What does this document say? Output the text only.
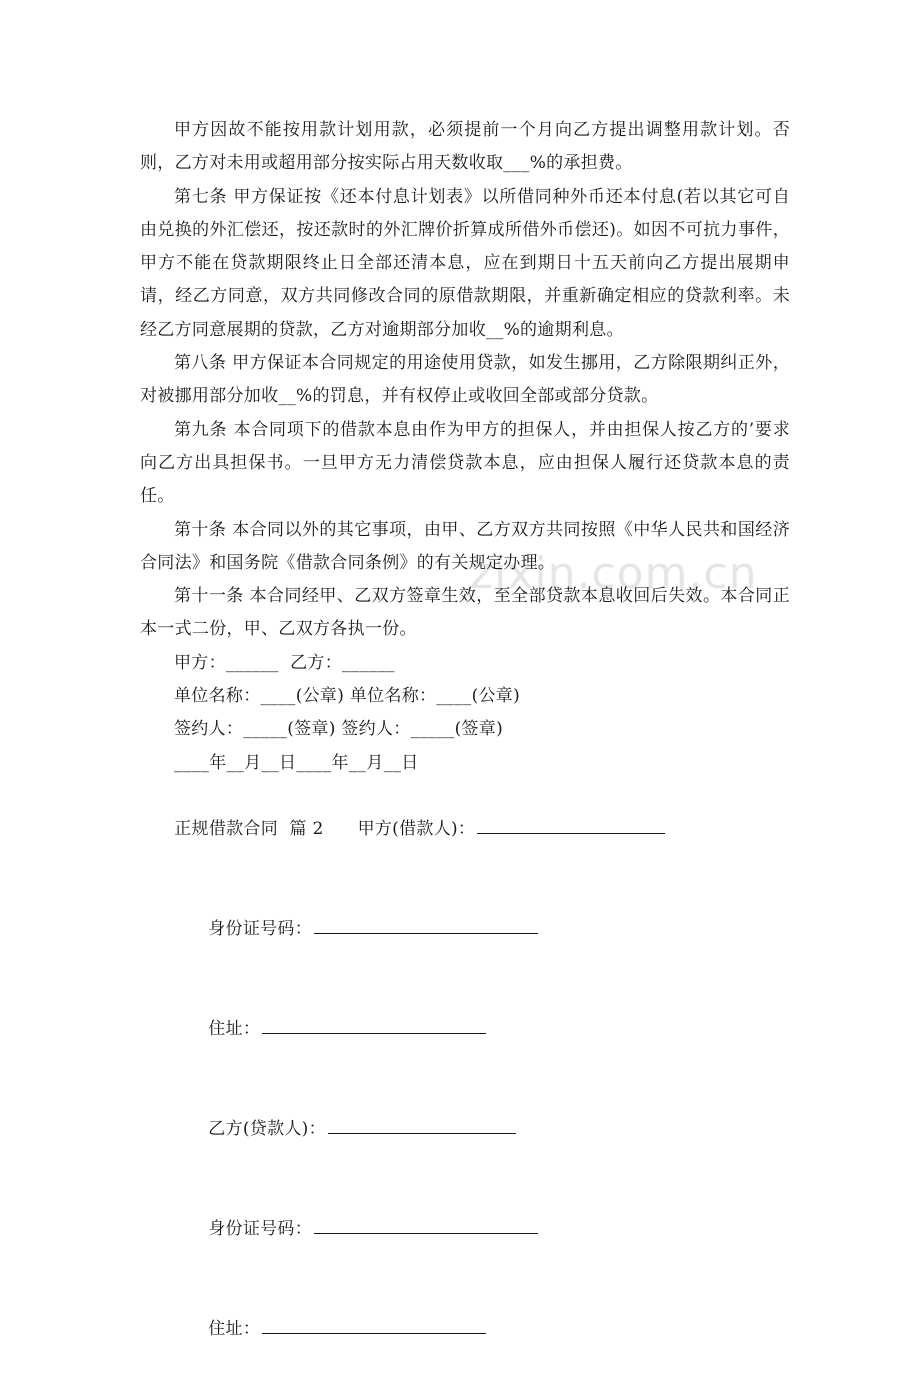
zixin.com.cn

甲方因故不能按用款计划用款，必须提前一个月向乙方提出调整用款计划。否则，乙方对未用或超用部分按实际占用天数收取___%的承担费。

第七条 甲方保证按《还本付息计划表》以所借同种外币还本付息(若以其它可自由兑换的外汇偿还，按还款时的外汇牌价折算成所借外币偿还)。如因不可抗力事件，甲方不能在贷款期限终止日全部还清本息，应在到期日十五天前向乙方提出展期申请，经乙方同意，双方共同修改合同的原借款期限，并重新确定相应的贷款利率。未经乙方同意展期的贷款，乙方对逾期部分加收__%的逾期利息。

第八条 甲方保证本合同规定的用途使用贷款，如发生挪用，乙方除限期纠正外，对被挪用部分加收__%的罚息，并有权停止或收回全部或部分贷款。

第九条 本合同项下的借款本息由作为甲方的担保人，并由担保人按乙方的’要求向乙方出具担保书。一旦甲方无力清偿贷款本息，应由担保人履行还贷款本息的责任。

第十条 本合同以外的其它事项，由甲、乙方双方共同按照《中华人民共和国经济合同法》和国务院《借款合同条例》的有关规定办理。

第十一条 本合同经甲、乙双方签章生效，至全部贷款本息收回后失效。本合同正本一式二份，甲、乙双方各执一份。

甲方：______  乙方：______
单位名称：____(公章) 单位名称：____(公章)
签约人：_____(签章) 签约人：_____(签章)
____年__月__日____年__月__日

正规借款合同  篇 2 甲方(借款人)：

身份证号码：

住址：

乙方(贷款人)：

身份证号码：

住址：
